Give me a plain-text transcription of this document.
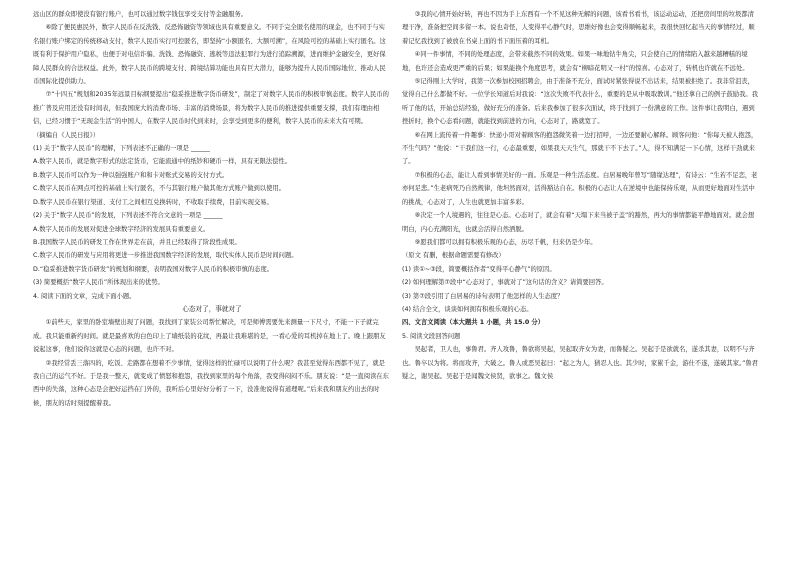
远山区的群众即使没有银行账户，也可以通过数字钱包享受支付等金融服务。

⑥除了便民惠民外，数字人民币在反洗钱、反恐怖融资等领域也具有重要意义。不同于完全匿名使用的现金，也不同于与实名银行账户绑定的传统移动支付，数字人民币实行可控匿名，即坚持“小额匿名、大额可溯”，在风险可控的基础上实行匿名。这既有利于保护用户隐私，也便于对电信诈骗、洗钱、恐怖融资、逃税等违法犯罪行为进行追踪溯源，进而维护金融安全，更好保障人民群众的合法权益。此外，数字人民币的跨境支付、跨境结算功能也具有巨大潜力，能够为提升人民币国际地位、推动人民币国际化提供助力。

⑦“十四五”规划和2035年远景目标纲要提出“稳妥推进数字货币研发”，制定了对数字人民币的积极审慎态度。数字人民币的推广普及应用还没有时间表，但我国庞大的消费市场、丰富的消费场景，将为数字人民币的推进提供重要支撑，我们有理由相信，已经习惯于“无现金生活”的中国人，在数字人民币时代到来时，会享受到更多的便利，数字人民币的未来大有可期。

（摘编自《人民日报》）

(1) 关于“数字人民币”的理解，下列表述不正确的一项是 ______

A.数字人民币，就是数字形式的法定货币，它能流通中的纸钞和硬币一样，具有无限法偿性。

B.数字人民币可以作为一种以强强账户和和卡对账式交易的支付方式。

C.数字人民币在网点可控的基础上实行匿名，不与其银行账户做其他方式账户做到以使用。

D.数字人民币在银行渠道、支付工之间相互兑换转时，不收取手续费，目前实现交易。

(2) 关于“数字人民币”的发展，下列表述不符合文意的一项是 ______

A.数字人民币的发展对促进全球数字经济的发展具有重要意义。

B.我国数字人民币的研发工作在世界走在前，并且已经取得了阶段性成果。

C.数字人民币的研发与应用将更进一步推进我国数字经济的发展，取代实体人民币是时间问题。

D.“稳妥推进数字货币研发”的规划和纲要，表明我国对数字人民币的积极审慎的态度。

(3) 简要概括“数字人民币”所体现出来的优势。

4. 阅读下面的文章，完成下面小题。

心态对了，事就对了

①前些天，家里的卧室墙壁出现了问题，我找到了家装公司帮忙解决，可是师傅需要先来测量一下尺寸，不能一下子就完成。我只能重新约时间。就是最喜欢的白色印上了墙纸装的花纹，再最让我难堪的是，一看心爱的耳机掉在地上了。晚上跟朋友说起这事，他们说你这就是心态的问题，也许不对。

②我经常丢三落四的，吃饭、走路都在想着不少事情，觉得这样的忙碌可以说明了什么呢？我甚至觉得东西都不见了，就是我自己的运气不好。于是我一整天，就变成了愤怒和抱怨，我找到家里的每个角落，我变得闷闷不乐。朋友说：“是一直阅读在东西中的失落，这种心态是会把好运挡在门外的，我听后心里好好分析了一下，没准他说得有道理呢。”后来我和朋友约出去的时候，朋友的话时刻提醒着我。

③我的心情开始好转，再也不因为手上东西有一个不见这种无解的问题，该看书看书，该运动运动，还把房间里的垃圾都清理干净，准备把空间多留一本。说也奇怪，人变得平心静气时，思维好像也会变得顺畅起来，我很快回忆起当天的事情经过，顺着记忆我找到了被放在书桌上面的书下面压着的耳机。

④同一件事情，不同的处理态度，会带来截然不同的效果。如果一味地钻牛角尖，只会使自己的情绪陷入越来越糟糕的境地，也许还会造成更严重的后果；如果能换个角度思考，就会有“柳暗花明又一村”的惊喜。心态对了，转机也许就在不远处。

⑤记得刚上大学时，我第一次参加校园招聘会，由于准备不充分，面试时紧张得说不出话来，结果被拒绝了。我非常沮丧，觉得自己什么都做不好。一位学长知道后对我说：“这次失败不代表什么，重要的是从中吸取教训。”他还拿自己的例子鼓励我。我听了他的话，开始总结经验，做好充分的准备。后来我参加了很多次面试，终于找到了一份满意的工作。这件事让我明白，遇到挫折时，换个心态看问题，就能找到前进的方向，心态对了，路就宽了。

⑥在网上流传着一件趣事：快递小哥对着顾客的抱怨微笑着一边打招呼，一边还要耐心解释。顾客问他：“你每天被人抱怨，不生气吗？”他说：“干我们这一行，心态最重要，如果我天天生气，那就干不下去了。”人，得不知满足一下心情，这样干劲就来了。

⑦积极的心态，能让人看到事情美好的一面。乐观是一种生活态度。白居易晚年曾写“随缘达理”，有诗云：“生若不足恋，老亦何足悲。”生老病死乃自然规律，他坦然面对，活得豁达自在。积极的心态让人在逆境中也能保持乐观，从而更好地面对生活中的挑战，心态对了，人生也就更加丰富多彩。

⑧决定一个人境遇的，往往是心态。心态对了，就会有着“天塌下来当被子盖”的豁然，再大的事情都能平静地面对。就会想明白，内心充满阳光，也就会活得自然洒脱。

⑨愿我们都可以拥有积极乐观的心态，历尽千帆，归来仍是少年。

（原文 有删，根据命题需要有修改）

(1) 读①~③段，简要概括作者“变得平心静气”的原因。

(2) 如何理解第⑦段中“心态对了，事就对了”这句话的含义？请简要回答。

(3) 第⑦段引用了白居易的诗句表明了他怎样的人生态度？

(4) 结合全文，谈谈如何拥有积极乐观的心态。

四、文言文阅读（本大题共 1 小题，共 15.0 分）

5. 阅读文段回答问题

吴起者，卫人也，事鲁君。齐人攻鲁，鲁欲将吴起，吴起取齐女为妻，而鲁疑之。吴起于是欲就名，遂杀其妻，以明不与齐也。鲁卒以为将。将而攻齐，大破之。鲁人或恶吴起曰：“起之为人，猜忍人也。其少时，家累千金，游仕不遂，遂破其家。”鲁君疑之，谢吴起。吴起于是闻魏文侯贤，欲事之。魏文侯
